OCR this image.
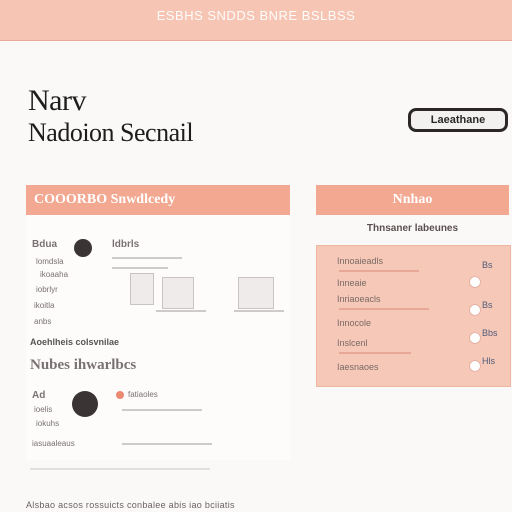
ESBHS SNDDS BNRE BSLBSS
Narv
Nadoion Secnail	Laeathane
COOORBO Snwdlcedy
Bdua	ldbrls
lomdsla
ikoaaha
iobrlyr
ikoitla
anbs
Aoehlheis colsvnilae
Nubes ihwarlbcs
Ad	fatiaoles
ioelis
iokuhs
iasuaaleaus
Nnhao
Thnsaner labeunes
Innoaieadls
Inneaie
Inriaoeacls
Innocole
Inslcenl
Iaesnaoes
Bs
Bs
Bbs
Hls
Alsbao acsos rossuicts conbalee abis iao bciiatis
